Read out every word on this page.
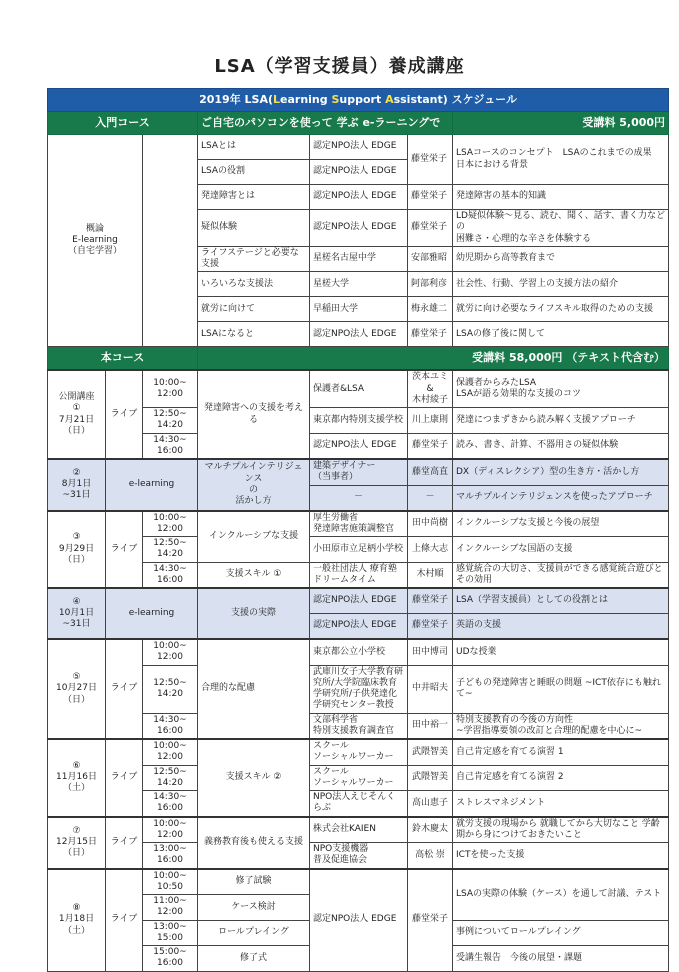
LSA（学習支援員）養成講座
2019年 LSA(Learning Support Assistant) スケジュール						
入門コース			ご自宅のパソコンを使って 学ぶ e-ラーニングで			受講料 5,000円
概論
E-learning
（自宅学習）			LSAとは	認定NPO法人 EDGE	藤堂栄子	LSAコースのコンセプト　LSAのこれまでの成果
日本における背景
			LSAの役割	認定NPO法人 EDGE		
			発達障害とは	認定NPO法人 EDGE	藤堂栄子	発達障害の基本的知識
			疑似体験	認定NPO法人 EDGE	藤堂栄子	LD疑似体験～見る、読む、聞く、話す、書く力などの
困難さ・心理的な辛さを体験する
			ライフステージと必要な支援	星槎名古屋中学	安部雅昭	幼児期から高等教育まで
			いろいろな支援法	星槎大学	阿部利彦	社会性、行動、学習上の支援方法の紹介
			就労に向けて	早稲田大学	梅永雄二	就労に向け必要なライフスキル取得のための支援
			LSAになると	認定NPO法人 EDGE	藤堂栄子	LSAの修了後に関して
本コース			受講料 58,000円 （テキスト代含む）			
公開講座
①
7月21日
（日）	ライブ	10:00~
12:00	発達障害への支援を考える	保護者&LSA	茨本ユミ&
木村綾子	保護者からみたLSA
LSAが語る効果的な支援のコツ
		12:50~
14:20		東京都内特別支援学校	川上康則	発達につまずきから読み解く支援アプローチ
		14:30~
16:00		認定NPO法人 EDGE	藤堂栄子	読み、書き、計算、不器用さの疑似体験
②
8月1日
~31日	e-learning		マルチプルインテリジェンス
の
活かし方	建築デザイナー
（当事者）	藤堂高直	DX（ディスレクシア）型の生き方・活かし方
				－	－	マルチプルインテリジェンスを使ったアプローチ
③
9月29日
（日）	ライブ	10:00~
12:00	インクルーシブな支援	厚生労働省
発達障害施策調整官	田中尚樹	インクルーシブな支援と今後の展望
		12:50~
14:20		小田原市立足柄小学校	上條大志	インクルーシブな国語の支援
		14:30~
16:00	支援スキル ①	一般社団法人 療育塾
ドリームタイム	木村順	感覚統合の大切さ、支援員ができる感覚統合遊びとその効用
④
10月1日
~31日	e-learning		支援の実際	認定NPO法人 EDGE	藤堂栄子	LSA（学習支援員）としての役割とは
				認定NPO法人 EDGE	藤堂栄子	英語の支援
⑤
10月27日
（日）	ライブ	10:00~
12:00	合理的な配慮	東京都公立小学校	田中博司	UDな授業
		12:50~
14:20		武庫川女子大学教育研究所/大学院臨床教育学研究所/子供発達化学研究センター教授	中井昭夫	子どもの発達障害と睡眠の問題 ~ICT依存にも触れて~
		14:30~
16:00		文部科学省
特別支援教育調査官	田中裕一	特別支援教育の今後の方向性
~学習指導要領の改訂と合理的配慮を中心に~
⑥
11月16日
（土）	ライブ	10:00~
12:00	支援スキル ②	スクール
ソーシャルワーカー	武隈智美	自己肯定感を育てる演習 1
		12:50~
14:20		スクール
ソーシャルワーカー	武隈智美	自己肯定感を育てる演習 2
		14:30~
16:00		NPO法人えじそんくらぶ	高山恵子	ストレスマネジメント
⑦
12月15日
（日）	ライブ	10:00~
12:00	義務教育後も使える支援	株式会社KAIEN	鈴木慶太	就労支援の現場から 就職してから大切なこと 学齢期から身につけておきたいこと
		13:00~
16:00		NPO支援機器
普及促進協会	高松 崇	ICTを使った支援
⑧
1月18日
（土）	ライブ	10:00~
10:50	修了試験	認定NPO法人 EDGE	藤堂栄子	LSAの実際の体験（ケース）を通して討議、テスト
		11:00~
12:00	ケース検討			
		13:00~
15:00	ロールプレイング			事例についてロールプレイング
		15:00~
16:00	修了式			受講生報告　今後の展望・課題
